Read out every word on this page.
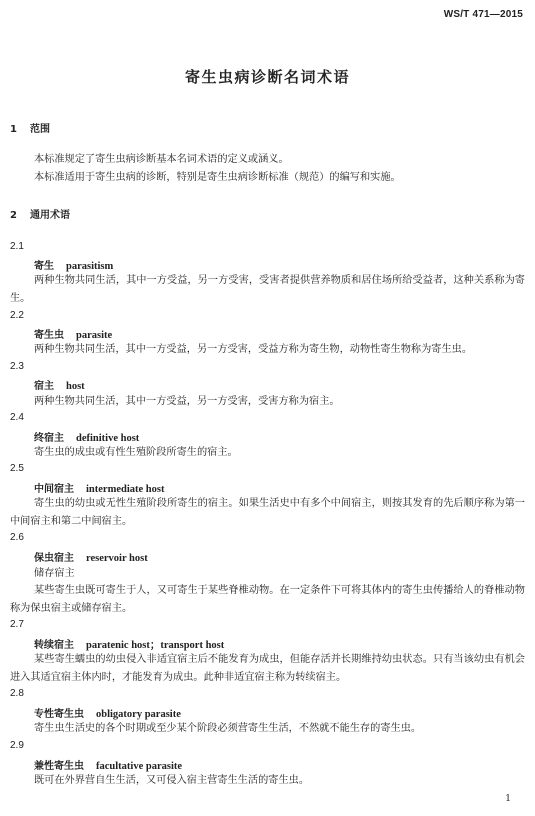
WS/T 471—2015
寄生虫病诊断名词术语
1 范围
本标准规定了寄生虫病诊断基本名词术语的定义或涵义。
本标准适用于寄生虫病的诊断，特别是寄生虫病诊断标准（规范）的编写和实施。
2 通用术语
2.1
寄生 parasitism
两种生物共同生活，其中一方受益，另一方受害，受害者提供营养物质和居住场所给受益者，这种关系称为寄生。
2.2
寄生虫 parasite
两种生物共同生活，其中一方受益，另一方受害，受益方称为寄生物，动物性寄生物称为寄生虫。
2.3
宿主 host
两种生物共同生活，其中一方受益，另一方受害，受害方称为宿主。
2.4
终宿主 definitive host
寄生虫的成虫或有性生殖阶段所寄生的宿主。
2.5
中间宿主 intermediate host
寄生虫的幼虫或无性生殖阶段所寄生的宿主。如果生活史中有多个中间宿主，则按其发育的先后顺序称为第一中间宿主和第二中间宿主。
2.6
保虫宿主 reservoir host
储存宿主
某些寄生虫既可寄生于人，又可寄生于某些脊椎动物。在一定条件下可将其体内的寄生虫传播给人的脊椎动物称为保虫宿主或储存宿主。
2.7
转续宿主 paratenic host；transport host
某些寄生蠕虫的幼虫侵入非适宜宿主后不能发育为成虫，但能存活并长期维持幼虫状态。只有当该幼虫有机会进入其适宜宿主体内时，才能发育为成虫。此种非适宜宿主称为转续宿主。
2.8
专性寄生虫 obligatory parasite
寄生虫生活史的各个时期或至少某个阶段必须营寄生生活，不然就不能生存的寄生虫。
2.9
兼性寄生虫 facultative parasite
既可在外界营自生生活，又可侵入宿主营寄生生活的寄生虫。
1
